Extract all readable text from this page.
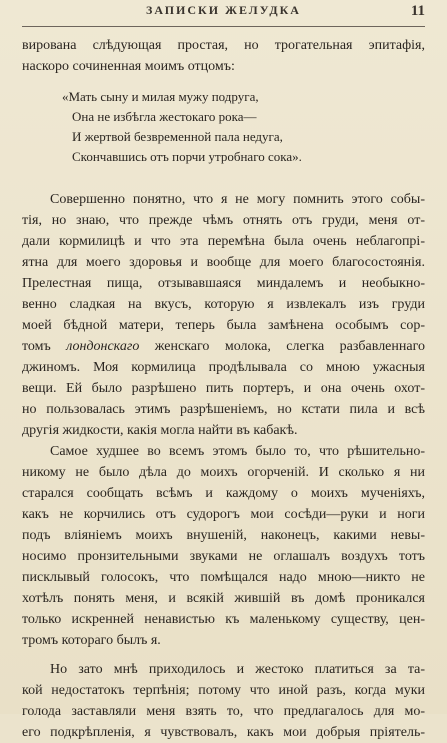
ЗАПИСКИ ЖЕЛУДКА	11
вирована слѣдующая простая, но трогательная эпитафія,
наскоро сочиненная моимъ отцомъ:
«Мать сыну и милая мужу подруга,
Она не избѣгла жестокаго рока—
И жертвой безвременной пала недуга,
Скончавшись отъ порчи утробнаго сока».
Совершенно понятно, что я не могу помнить этого собы-
тія, но знаю, что прежде чѣмъ отнять отъ груди, меня от-
дали кормилицѣ и что эта перемѣна была очень неблагопрі-
ятна для моего здоровья и вообще для моего благосостоянія.
Прелестная пища, отзывавшаяся миндалемъ и необыкно-
венно сладкая на вкусъ, которую я извлекалъ изъ груди
моей бѣдной матери, теперь была замѣнена особымъ сор-
томъ лондонскаго женскаго молока, слегка разбавленнаго
джиномъ. Моя кормилица продѣлывала со мною ужасныя
вещи. Ей было разрѣшено пить портеръ, и она очень охот-
но пользовалась этимъ разрѣшеніемъ, но кстати пила и всѣ
другія жидкости, какія могла найти въ кабакѣ.
Самое худшее во всемъ этомъ было то, что рѣшительно-
никому не было дѣла до моихъ огорченій. И сколько я ни
старался сообщать всѣмъ и каждому о моихъ мученіяхъ,
какъ не корчились отъ судорогъ мои сосѣди—руки и ноги
подъ вліяніемъ моихъ внушеній, наконецъ, какими невы-
носимо пронзительными звуками не оглашалъ воздухъ тотъ
писклывый голосокъ, что помѣщался надо мною—никто не
хотѣлъ понять меня, и всякій жившій въ домѣ проникался
только искренней ненавистью къ маленькому существу, цен-
тромъ котораго былъ я.
Но зато мнѣ приходилось и жестоко платиться за та-
кой недостатокъ терпѣнія; потому что иной разъ, когда муки
голода заставляли меня взять то, что предлагалось для мо-
его подкрѣпленія, я чувствовалъ, какъ мои добрыя пріятель-
